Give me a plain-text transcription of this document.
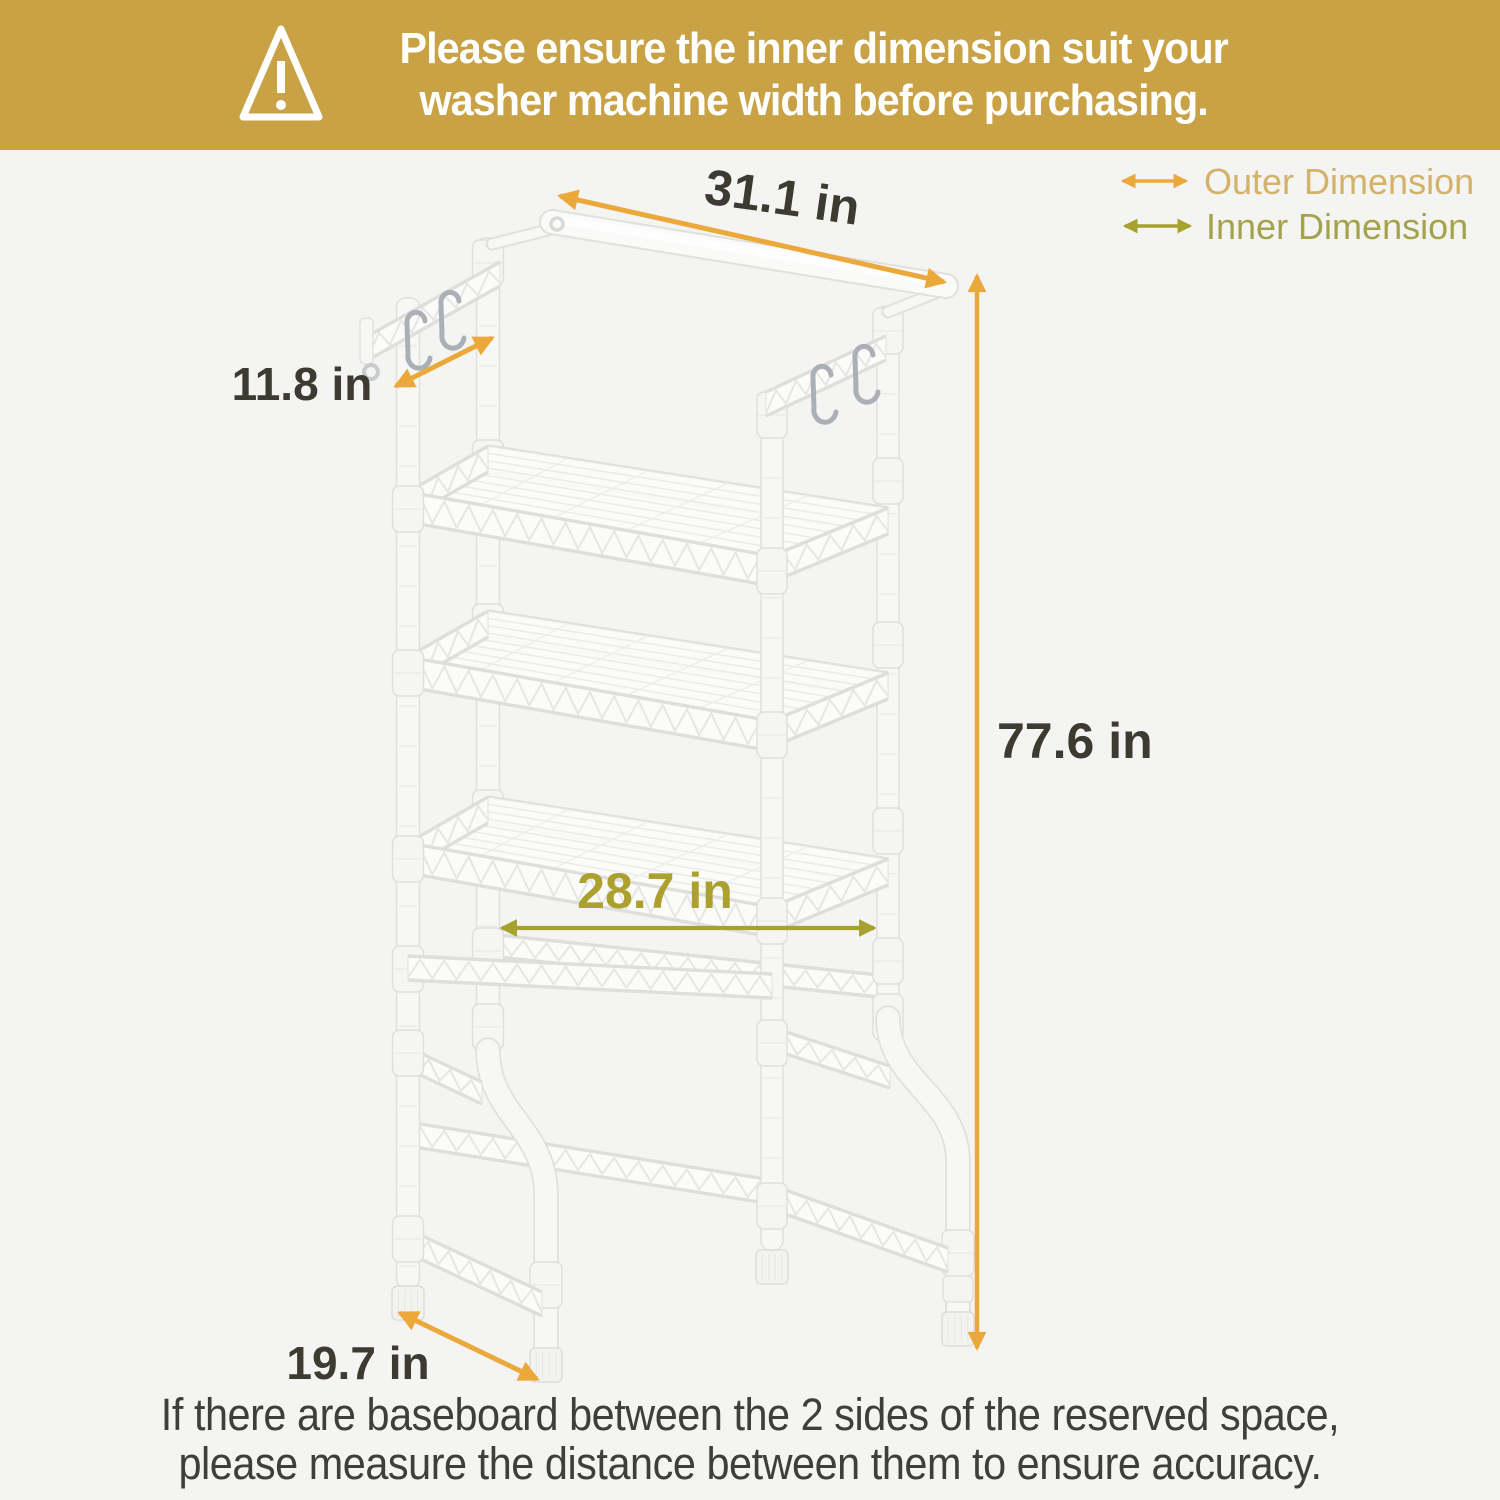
Please ensure the inner dimension suit your
washer machine width before purchasing.
31.1 in
11.8 in
77.6 in
28.7 in
19.7 in
Outer Dimension
Inner Dimension
If there are baseboard between the 2 sides of the reserved space,
please measure the distance between them to ensure accuracy.
